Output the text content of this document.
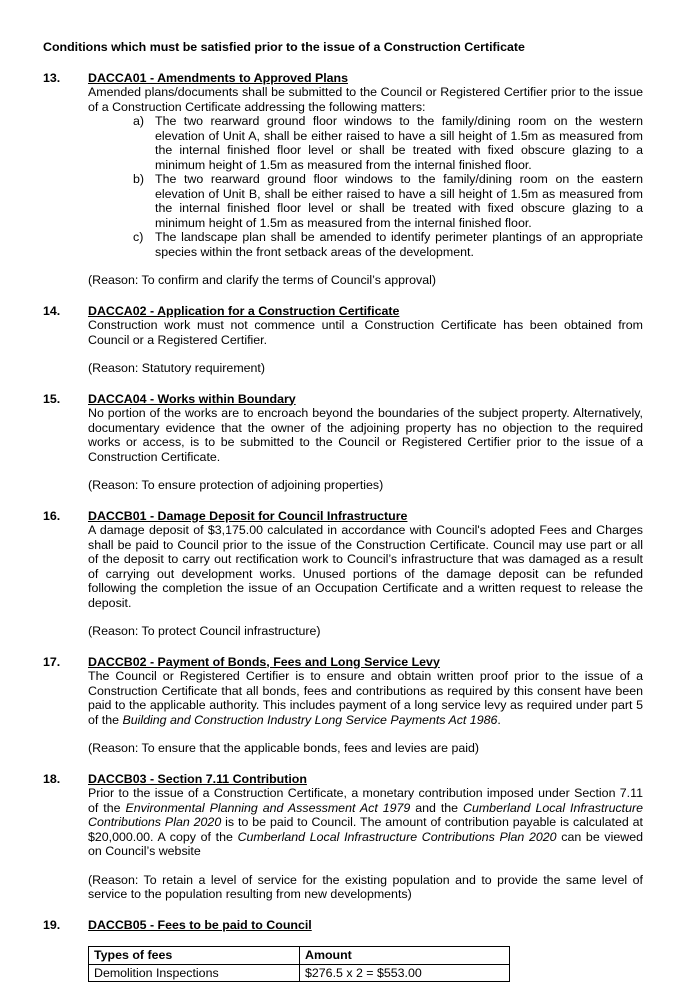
Conditions which must be satisfied prior to the issue of a Construction Certificate
13. DACCA01 - Amendments to Approved Plans
Amended plans/documents shall be submitted to the Council or Registered Certifier prior to the issue of a Construction Certificate addressing the following matters:
a) The two rearward ground floor windows to the family/dining room on the western elevation of Unit A, shall be either raised to have a sill height of 1.5m as measured from the internal finished floor level or shall be treated with fixed obscure glazing to a minimum height of 1.5m as measured from the internal finished floor.
b) The two rearward ground floor windows to the family/dining room on the eastern elevation of Unit B, shall be either raised to have a sill height of 1.5m as measured from the internal finished floor level or shall be treated with fixed obscure glazing to a minimum height of 1.5m as measured from the internal finished floor.
c) The landscape plan shall be amended to identify perimeter plantings of an appropriate species within the front setback areas of the development.
(Reason: To confirm and clarify the terms of Council’s approval)
14. DACCA02 - Application for a Construction Certificate
Construction work must not commence until a Construction Certificate has been obtained from Council or a Registered Certifier.
(Reason: Statutory requirement)
15. DACCA04 - Works within Boundary
No portion of the works are to encroach beyond the boundaries of the subject property. Alternatively, documentary evidence that the owner of the adjoining property has no objection to the required works or access, is to be submitted to the Council or Registered Certifier prior to the issue of a Construction Certificate.
(Reason: To ensure protection of adjoining properties)
16. DACCB01 - Damage Deposit for Council Infrastructure
A damage deposit of $3,175.00 calculated in accordance with Council's adopted Fees and Charges shall be paid to Council prior to the issue of the Construction Certificate. Council may use part or all of the deposit to carry out rectification work to Council’s infrastructure that was damaged as a result of carrying out development works. Unused portions of the damage deposit can be refunded following the completion the issue of an Occupation Certificate and a written request to release the deposit.
(Reason: To protect Council infrastructure)
17. DACCB02 - Payment of Bonds, Fees and Long Service Levy
The Council or Registered Certifier is to ensure and obtain written proof prior to the issue of a Construction Certificate that all bonds, fees and contributions as required by this consent have been paid to the applicable authority. This includes payment of a long service levy as required under part 5 of the Building and Construction Industry Long Service Payments Act 1986.
(Reason: To ensure that the applicable bonds, fees and levies are paid)
18. DACCB03 - Section 7.11 Contribution
Prior to the issue of a Construction Certificate, a monetary contribution imposed under Section 7.11 of the Environmental Planning and Assessment Act 1979 and the Cumberland Local Infrastructure Contributions Plan 2020 is to be paid to Council. The amount of contribution payable is calculated at $20,000.00. A copy of the Cumberland Local Infrastructure Contributions Plan 2020 can be viewed on Council’s website
(Reason: To retain a level of service for the existing population and to provide the same level of service to the population resulting from new developments)
19. DACCB05 - Fees to be paid to Council
Types of fees	Amount
Demolition Inspections	$276.5 x 2 = $553.00
